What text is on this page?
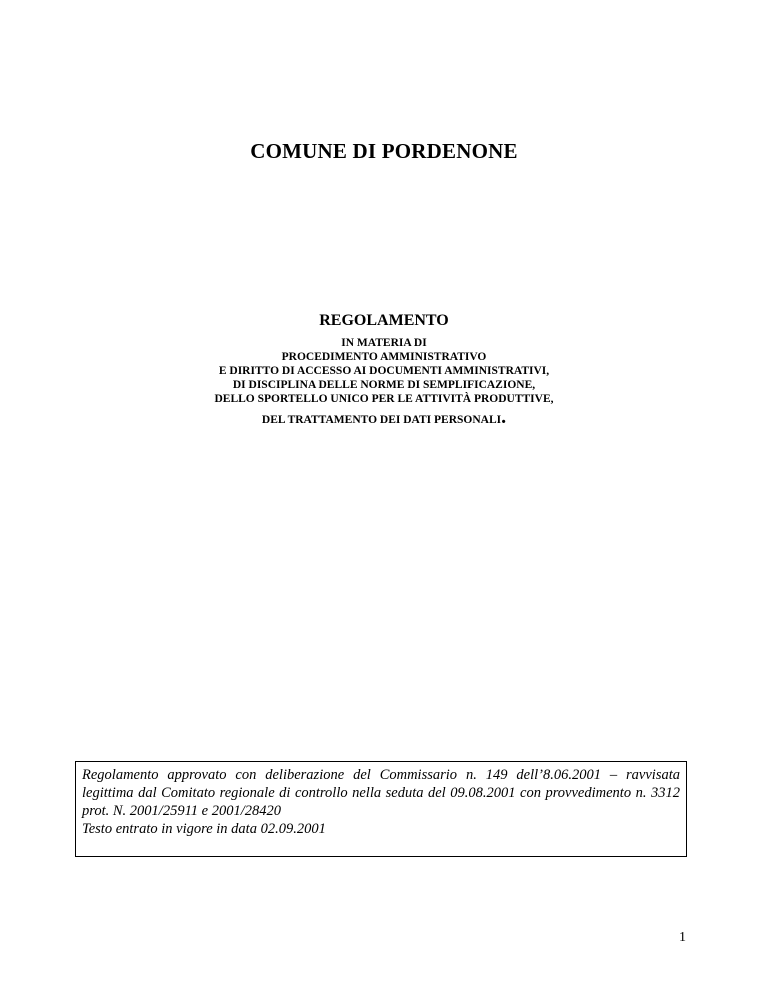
COMUNE DI PORDENONE

REGOLAMENTO

IN MATERIA DI

PROCEDIMENTO AMMINISTRATIVO

E DIRITTO DI ACCESSO AI DOCUMENTI AMMINISTRATIVI,

DI DISCIPLINA DELLE NORME DI SEMPLIFICAZIONE,

DELLO SPORTELLO UNICO PER LE ATTIVITÀ PRODUTTIVE,

DEL TRATTAMENTO DEI DATI PERSONALI.

Regolamento approvato con deliberazione del Commissario n. 149 dell’8.06.2001 – ravvisata legittima dal Comitato regionale di controllo nella seduta del 09.08.2001 con provvedimento n. 3312 prot. N. 2001/25911 e 2001/28420

Testo entrato in vigore in data 02.09.2001

1
